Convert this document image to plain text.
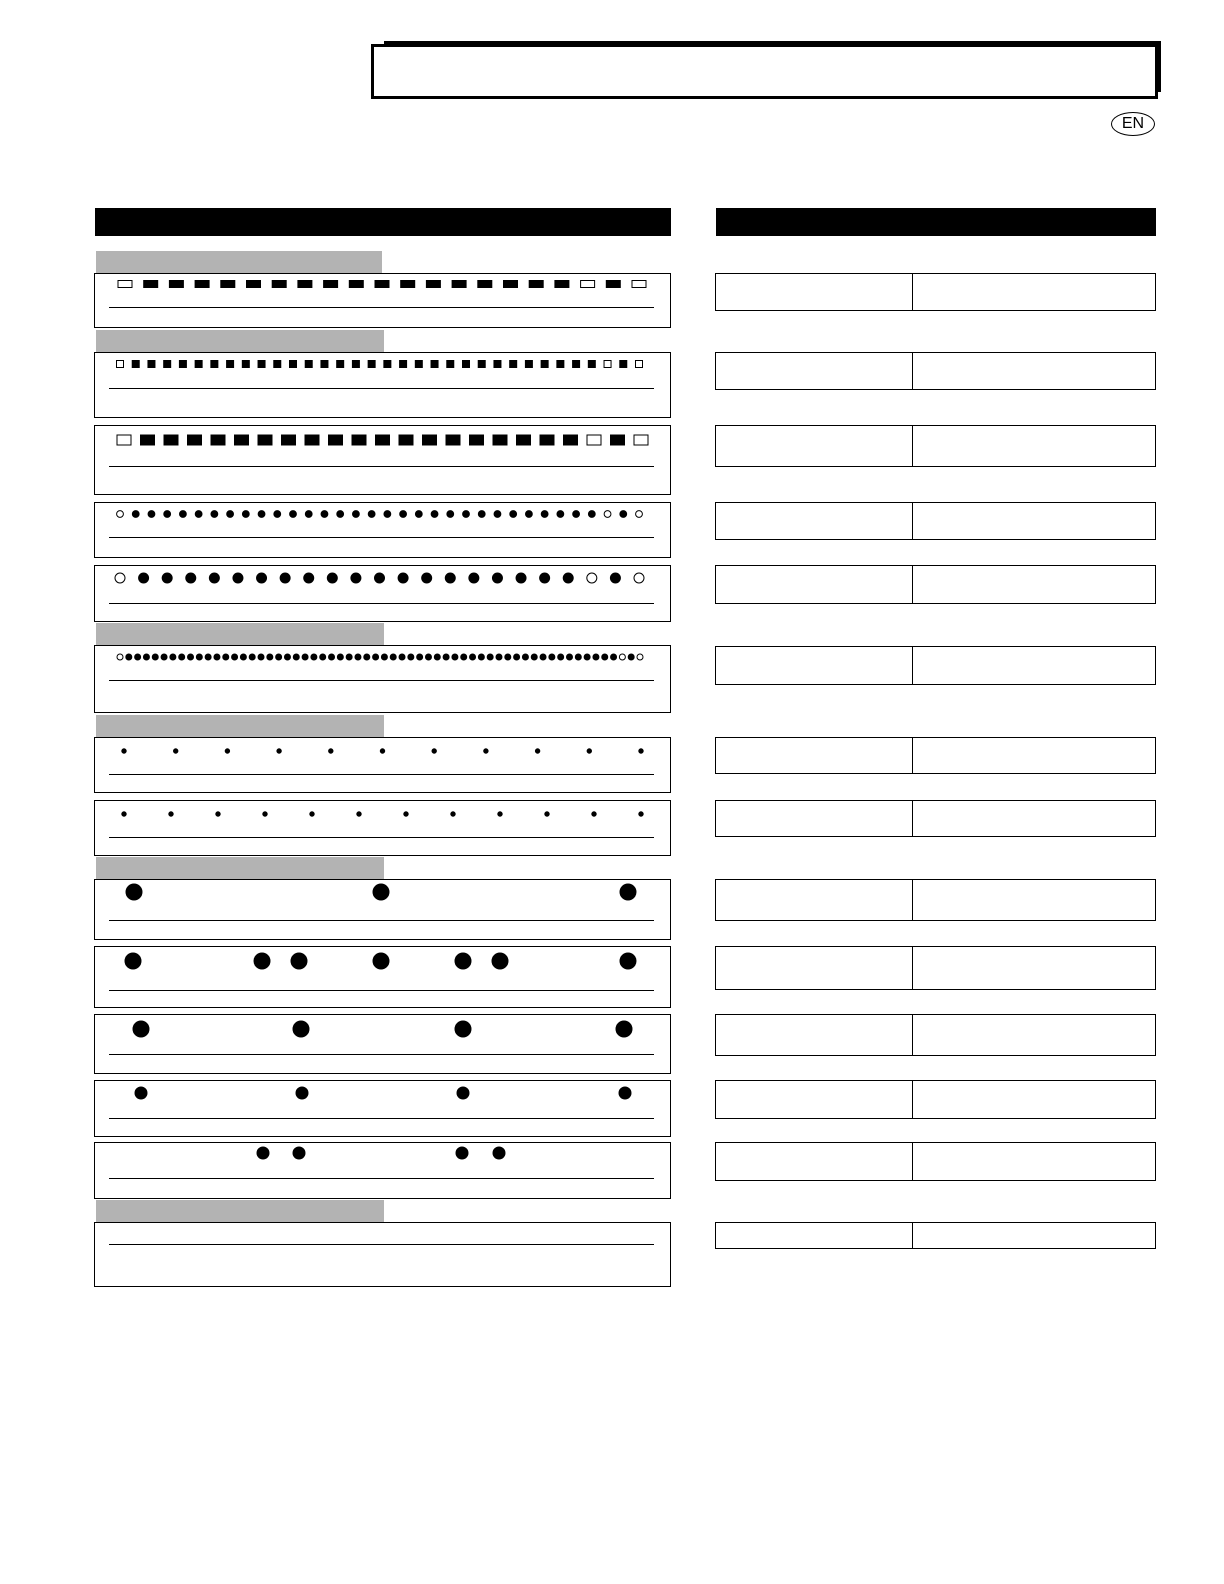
EN
